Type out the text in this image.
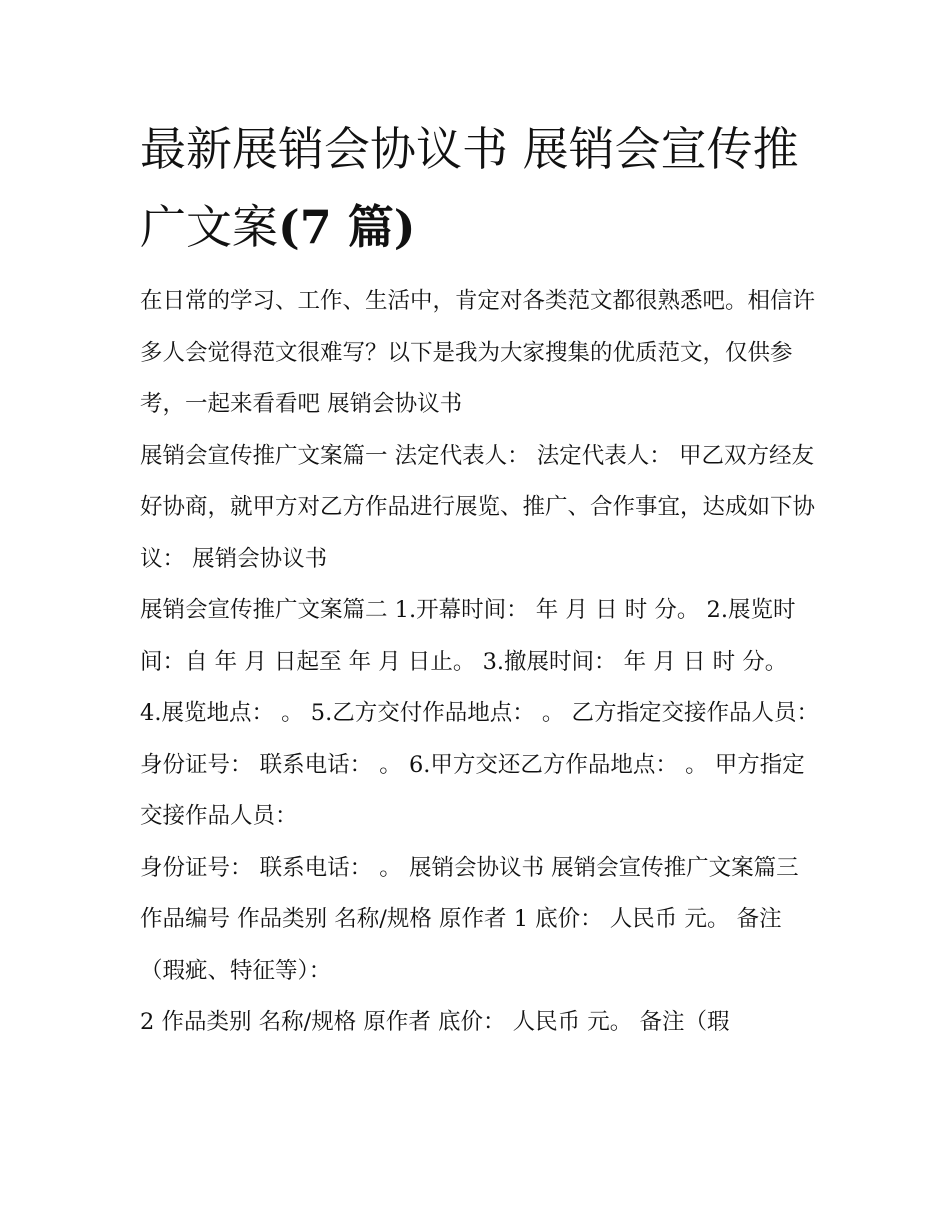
最新展销会协议书 展销会宣传推广文案(7 篇)

在日常的学习、工作、生活中，肯定对各类范文都很熟悉吧。相信许多人会觉得范文很难写？以下是我为大家搜集的优质范文，仅供参考，一起来看看吧 展销会协议书

展销会宣传推广文案篇一 法定代表人： 法定代表人： 甲乙双方经友好协商，就甲方对乙方作品进行展览、推广、合作事宜，达成如下协议： 展销会协议书

展销会宣传推广文案篇二 1.开幕时间： 年 月 日 时 分。 2.展览时间：自 年 月 日起至 年 月 日止。 3.撤展时间： 年 月 日 时 分。

4.展览地点： 。 5.乙方交付作品地点： 。 乙方指定交接作品人员： 身份证号： 联系电话： 。 6.甲方交还乙方作品地点： 。 甲方指定交接作品人员：

身份证号： 联系电话： 。 展销会协议书 展销会宣传推广文案篇三 作品编号 作品类别 名称/规格 原作者 1 底价： 人民币 元。 备注（瑕疵、特征等）：

2 作品类别 名称/规格 原作者 底价： 人民币 元。 备注（瑕
